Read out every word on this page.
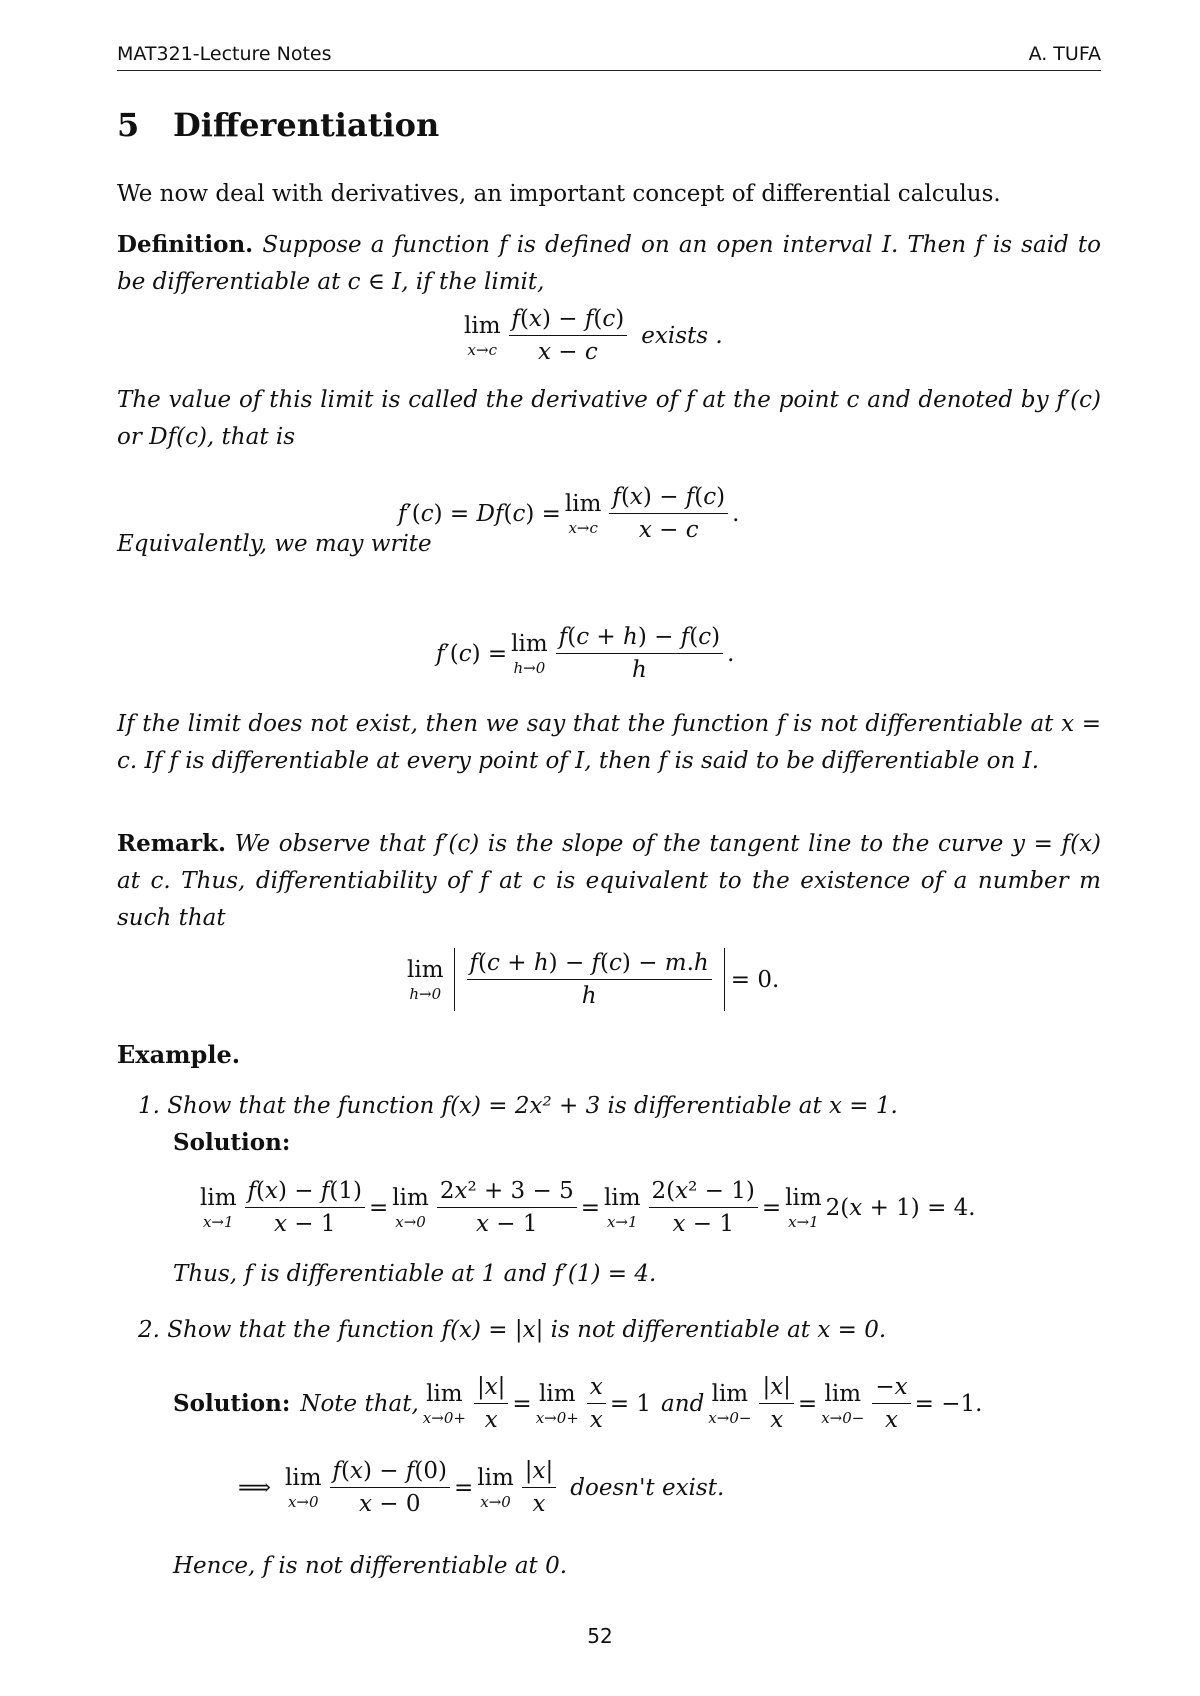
MAT321-Lecture Notes	A. TUFA
5 Differentiation
We now deal with derivatives, an important concept of differential calculus.
Definition. Suppose a function f is defined on an open interval I. Then f is said to be differentiable at c ∈ I, if the limit,
lim
$x\to c \frac{f(x) - f(c)}{x - c}$ exists .
The value of this limit is called the derivative of f at the point c and denoted by f′(c) or Df(c), that is
f′(c) = Df(c) = lim
$x\to c \frac{f(x) - f(c)}{x - c}$ .
Equivalently, we may write
f′(c) = lim
$h\to 0 \frac{f(c + h) - f(c)}{h}$ .
If the limit does not exist, then we say that the function f is not differentiable at x = c. If f is differentiable at every point of I, then f is said to be differentiable on I.
Remark. We observe that f′(c) is the slope of the tangent line to the curve y = f(x) at c. Thus, differentiability of f at c is equivalent to the existence of a number m such that
lim
$h\to 0 \frac{f(c + h) - f(c) - m.h}{h} = 0$.
Example.
1. Show that the function f(x) = 2x² + 3 is differentiable at x = 1.
Solution:
lim
$x\to 1 \frac{f(x) - f(1)}{x - 1} = \lim$
$x\to 0 \frac{\text{2x² + 3 − 5}}{x - 1} = \lim$
$x\to 1 \frac{\text{2(x² − 1)}}{x - 1} = \lim$
x→1
2(x + 1) = 4.
Thus, f is differentiable at 1 and f′(1) = 4.
2. Show that the function f(x) = |x| is not differentiable at x = 0.
Solution: Note that, lim
$x\to 0+ \frac{|x|}{x} = \lim$
$x\to 0+ \frac{x}{x} = 1$ and lim
$x\to 0- \frac{|x|}{x} = \lim$
$x\to 0- \frac{-x}{x} = -1$.
⟹ lim
$x\to 0 \frac{f(x) - f(0)}{x - 0} = \lim$
$x\to 0 \frac{|x|}{x}$ doesn't exist.
Hence, f is not differentiable at 0.
52
